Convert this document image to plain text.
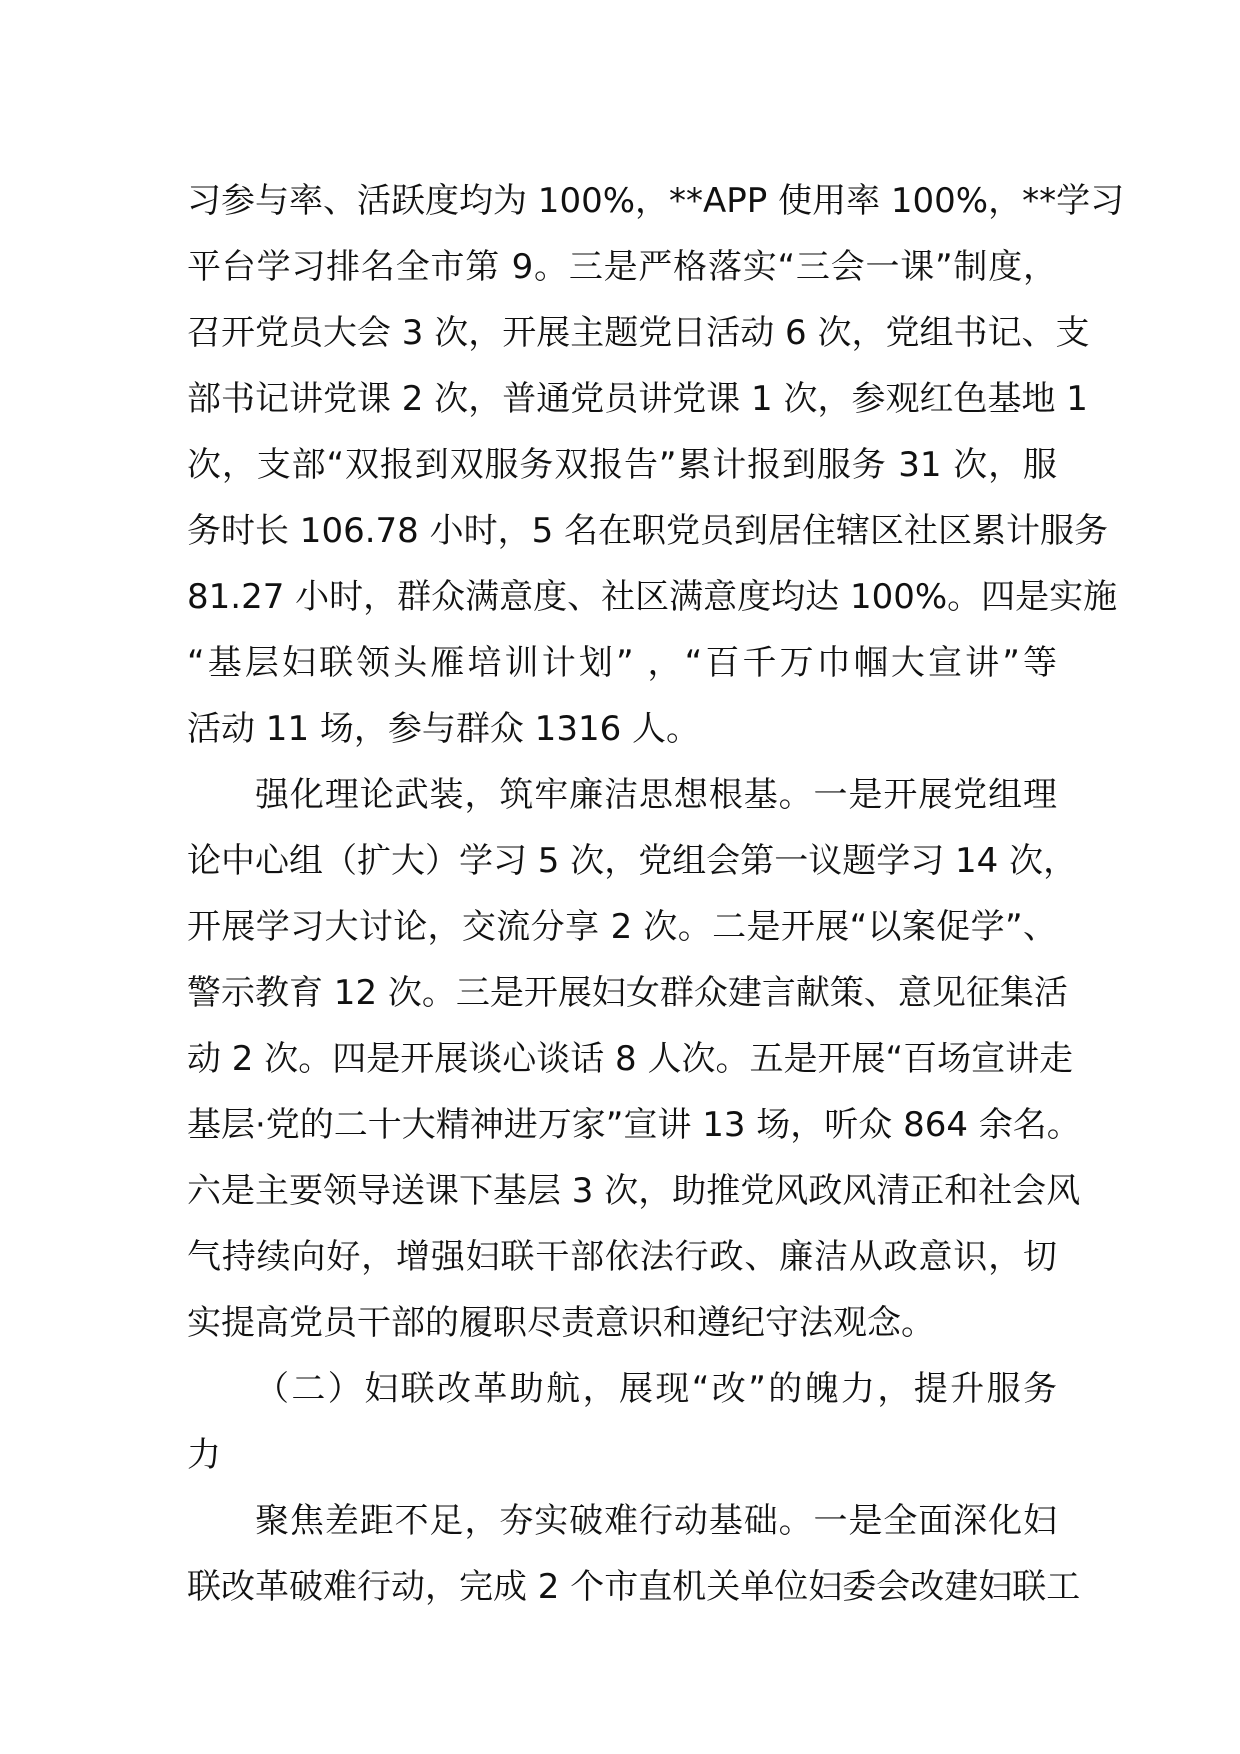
习参与率、活跃度均为 100%，**APP 使用率 100%，**学习
平台学习排名全市第 9。三是严格落实“三会一课”制度，
召开党员大会 3 次，开展主题党日活动 6 次，党组书记、支
部书记讲党课 2 次，普通党员讲党课 1 次，参观红色基地 1
次，支部“双报到双服务双报告”累计报到服务 31 次，服
务时长 106.78 小时，5 名在职党员到居住辖区社区累计服务
81.27 小时，群众满意度、社区满意度均达 100%。四是实施
“基层妇联领头雁培训计划” ，“百千万巾帼大宣讲”等
活动 11 场，参与群众 1316 人。
强化理论武装，筑牢廉洁思想根基。一是开展党组理
论中心组（扩大）学习 5 次，党组会第一议题学习 14 次，
开展学习大讨论，交流分享 2 次。二是开展“以案促学”、
警示教育 12 次。三是开展妇女群众建言献策、意见征集活
动 2 次。四是开展谈心谈话 8 人次。五是开展“百场宣讲走
基层·党的二十大精神进万家”宣讲 13 场，听众 864 余名。
六是主要领导送课下基层 3 次，助推党风政风清正和社会风
气持续向好，增强妇联干部依法行政、廉洁从政意识，切
实提高党员干部的履职尽责意识和遵纪守法观念。
（二）妇联改革助航，展现“改”的魄力，提升服务
力
聚焦差距不足，夯实破难行动基础。一是全面深化妇
联改革破难行动，完成 2 个市直机关单位妇委会改建妇联工
